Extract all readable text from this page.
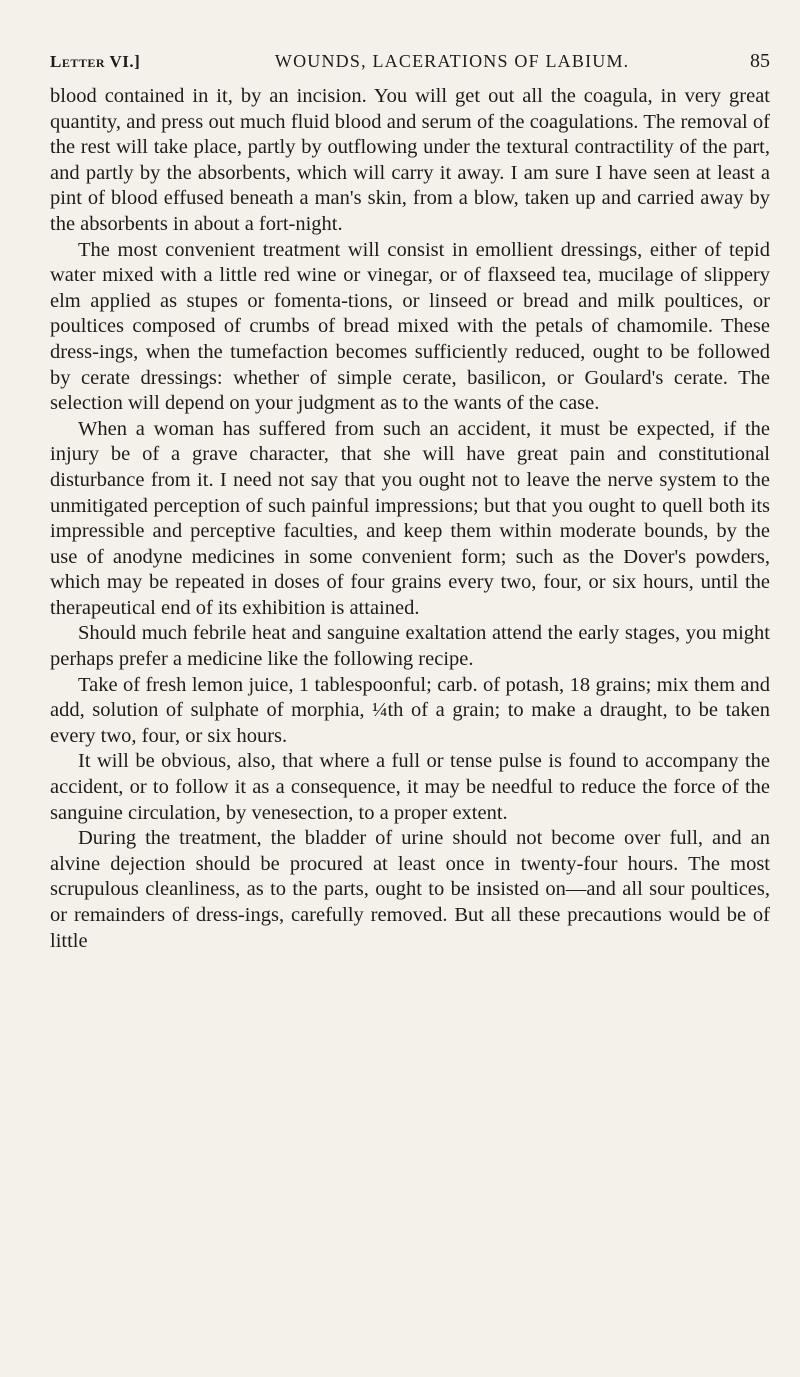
Letter VI.]	WOUNDS, LACERATIONS OF LABIUM.	85

blood contained in it, by an incision. You will get out all the coagula, in very great quantity, and press out much fluid blood and serum of the coagulations. The removal of the rest will take place, partly by outflowing under the textural contractility of the part, and partly by the absorbents, which will carry it away. I am sure I have seen at least a pint of blood effused beneath a man's skin, from a blow, taken up and carried away by the absorbents in about a fort-night.

The most convenient treatment will consist in emollient dressings, either of tepid water mixed with a little red wine or vinegar, or of flaxseed tea, mucilage of slippery elm applied as stupes or fomenta-tions, or linseed or bread and milk poultices, or poultices composed of crumbs of bread mixed with the petals of chamomile. These dress-ings, when the tumefaction becomes sufficiently reduced, ought to be followed by cerate dressings: whether of simple cerate, basilicon, or Goulard's cerate. The selection will depend on your judgment as to the wants of the case.

When a woman has suffered from such an accident, it must be expected, if the injury be of a grave character, that she will have great pain and constitutional disturbance from it. I need not say that you ought not to leave the nerve system to the unmitigated perception of such painful impressions; but that you ought to quell both its impressible and perceptive faculties, and keep them within moderate bounds, by the use of anodyne medicines in some convenient form; such as the Dover's powders, which may be repeated in doses of four grains every two, four, or six hours, until the therapeutical end of its exhibition is attained.

Should much febrile heat and sanguine exaltation attend the early stages, you might perhaps prefer a medicine like the following recipe.

Take of fresh lemon juice, 1 tablespoonful; carb. of potash, 18 grains; mix them and add, solution of sulphate of morphia, ¼th of a grain; to make a draught, to be taken every two, four, or six hours.

It will be obvious, also, that where a full or tense pulse is found to accompany the accident, or to follow it as a consequence, it may be needful to reduce the force of the sanguine circulation, by venesection, to a proper extent.

During the treatment, the bladder of urine should not become over full, and an alvine dejection should be procured at least once in twenty-four hours. The most scrupulous cleanliness, as to the parts, ought to be insisted on—and all sour poultices, or remainders of dress-ings, carefully removed. But all these precautions would be of little
